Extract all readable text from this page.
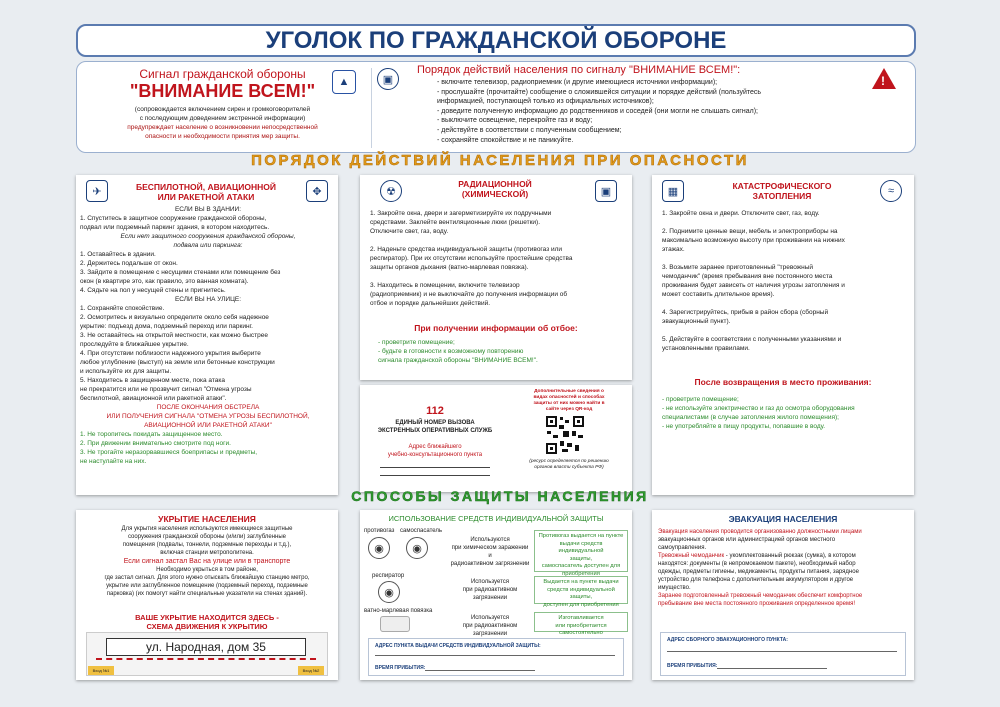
УГОЛОК ПО ГРАЖДАНСКОЙ ОБОРОНЕ
Сигнал гражданской обороны
"ВНИМАНИЕ ВСЕМ!"
(сопровождается включением сирен и громкоговорителей
с последующим доведением экстренной информации)
предупреждает население о возникновении непосредственной
опасности и необходимости принятия мер защиты.
▲	▣
Порядок действий населения по сигналу "ВНИМАНИЕ ВСЕМ!":
- включите телевизор, радиоприемник (и другие имеющиеся источники информации);
- прослушайте (прочитайте) сообщение о сложившейся ситуации и порядке действий (пользуйтесь
информацией, поступающей только из официальных источников);
- доведите полученную информацию до родственников и соседей (они могли не слышать сигнал);
- выключите освещение, перекройте газ и воду;
- действуйте в соответствии с полученным сообщением;
- сохраняйте спокойствие и не паникуйте.
!
ПОРЯДОК ДЕЙСТВИЙ НАСЕЛЕНИЯ ПРИ ОПАСНОСТИ
✈	✥
БЕСПИЛОТНОЙ, АВИАЦИОННОЙ
ИЛИ РАКЕТНОЙ АТАКИ
ЕСЛИ ВЫ В ЗДАНИИ:
1. Спуститесь в защитное сооружение гражданской обороны,
подвал или подземный паркинг здания, в котором находитесь.
Если нет защитного сооружения гражданской обороны,
подвала или паркинга:
1. Оставайтесь в здании.
2. Держитесь подальше от окон.
3. Зайдите в помещение с несущими стенами или помещение без
окон (в квартире это, как правило, это ванная комната).
4. Сядьте на пол у несущей стены и пригнитесь.
ЕСЛИ ВЫ НА УЛИЦЕ:
1. Сохраняйте спокойствие.
2. Осмотритесь и визуально определите около себя надежное
укрытие: подъезд дома, подземный переход или паркинг.
3. Не оставайтесь на открытой местности, как можно быстрее
проследуйте в ближайшее укрытие.
4. При отсутствии поблизости надежного укрытия выберите
любое углубление (выступ) на земле или бетонные конструкции
и используйте их для защиты.
5. Находитесь в защищенном месте, пока атака
не прекратится или не прозвучит сигнал "Отмена угрозы
беспилотной, авиационной или ракетной атаки".
ПОСЛЕ ОКОНЧАНИЯ ОБСТРЕЛА
ИЛИ ПОЛУЧЕНИЯ СИГНАЛА "ОТМЕНА УГРОЗЫ БЕСПИЛОТНОЙ,
АВИАЦИОННОЙ ИЛИ РАКЕТНОЙ АТАКИ"
1. Не торопитесь покидать защищенное место.
2. При движении внимательно смотрите под ноги.
3. Не трогайте неразорвавшиеся боеприпасы и предметы,
не настулайте на них.
☢	▣
РАДИАЦИОННОЙ
(ХИМИЧЕСКОЙ)
1. Закройте окна, двери и загерметизируйте их подручными
средствами. Заклейте вентиляционные люки (решетки).
Отключите свет, газ, воду.
2. Наденьте средства индивидуальной защиты (противогаз или
респиратор). При их отсутствии используйте простейшие средства
защиты органов дыхания (ватно-марлевая повязка).
3. Находитесь в помещении, включите телевизор
(радиоприемник) и не выключайте до получения информации об
отбое и порядке дальнейших действий.
При получении информации об отбое:
- проветрите помещение;
- будьте в готовности к возможному повторению
сигнала гражданской обороны "ВНИМАНИЕ ВСЕМ!".
112
ЕДИНЫЙ НОМЕР ВЫЗОВА
ЭКСТРЕННЫХ ОПЕРАТИВНЫХ СЛУЖБ
Адрес ближайшего
учебно-консультационного пункта
Дополнительные сведения о
видах опасностей и способах
защиты от них можно найти в
сайте через QR-код
(ресурс определяется по решению
органов власти субъекта РФ)
▦	≈
КАТАСТРОФИЧЕСКОГО
ЗАТОПЛЕНИЯ
1. Закройте окна и двери. Отключите свет, газ, воду.
2. Поднимите ценные вещи, мебель и электроприборы на
максимально возможную высоту при проживании на нижних
этажах.
3. Возьмите заранее приготовленный "тревожный
чемоданчик" (время пребывания вне постоянного места
проживания будет зависеть от наличия угрозы затопления и
может составить длительное время).
4. Зарегистрируйтесь, прибыв в район сбора (сборный
эвакуационный пункт).
5. Действуйте в соответствии с полученными указаниями и
установленными правилами.
После возвращения в место проживания:
- проветрите помещение;
- не используйте электричество и газ до осмотра оборудования
специалистами (в случае затопления жилого помещения);
- не употребляйте в пищу продукты, попавшие в воду.
СПОСОБЫ ЗАЩИТЫ НАСЕЛЕНИЯ
УКРЫТИЕ НАСЕЛЕНИЯ
Для укрытия населения используются имеющиеся защитные
сооружения гражданской обороны (и/или) заглубленные
помещения (подвалы, тоннели, подземные переходы и т.д.),
включая станции метрополитена.
Если сигнал застал Вас на улице или в транспорте
Необходимо укрыться в том районе,
где застал сигнал. Для этого нужно отыскать ближайшую станцию метро,
укрытие или заглубленное помещение (подземный переход, подземные
парковка) (их помогут найти специальные указатели на стенах зданий).
ВАШЕ УКРЫТИЕ НАХОДИТСЯ ЗДЕСЬ -
СХЕМА ДВИЖЕНИЯ К УКРЫТИЮ
ул. Народная, дом 35
Вход №1	Вход №2
ИСПОЛЬЗОВАНИЕ СРЕДСТВ ИНДИВИДУАЛЬНОЙ ЗАЩИТЫ
противогаз самоспасатель
◉	◉
Используются
при химическом заражении и
радиоактивном загрязнении
Противогаз выдается на пункте
выдачи средств индивидуальной
защиты,
самоспасатель доступен для
приобретения
респиратор
◉
Используется
при радиоактивном
загрязнении
Выдается на пункте выдачи
средств индивидуальной защиты,
доступен для приобретения
ватно-марлевая повязка
Используется
при радиоактивном
загрязнении
Изготавливается
или приобретается самостоятельно
АДРЕС ПУНКТА ВЫДАЧИ СРЕДСТВ ИНДИВИДУАЛЬНОЙ ЗАЩИТЫ:
ВРЕМЯ ПРИБЫТИЯ:
ЭВАКУАЦИЯ НАСЕЛЕНИЯ
Эвакуация населения проводится организованно должностными лицами
эвакуационных органов или администрацией органов местного
самоуправления.
Тревожный чемоданчик - укомплектованный рюкзак (сумка), в котором
находятся: документы (в непромокаемом пакете), необходимый набор
одежды, предметы гигиены, медикаменты, продукты питания, зарядное
устройство для телефона с дополнительным аккумулятором и другое
имущество.
Заранее подготовленный тревожный чемоданчик обеспечит комфортное
пребывание вне места постоянного проживания определенное время!
АДРЕС СБОРНОГО ЭВАКУАЦИОННОГО ПУНКТА:
ВРЕМЯ ПРИБЫТИЯ:
